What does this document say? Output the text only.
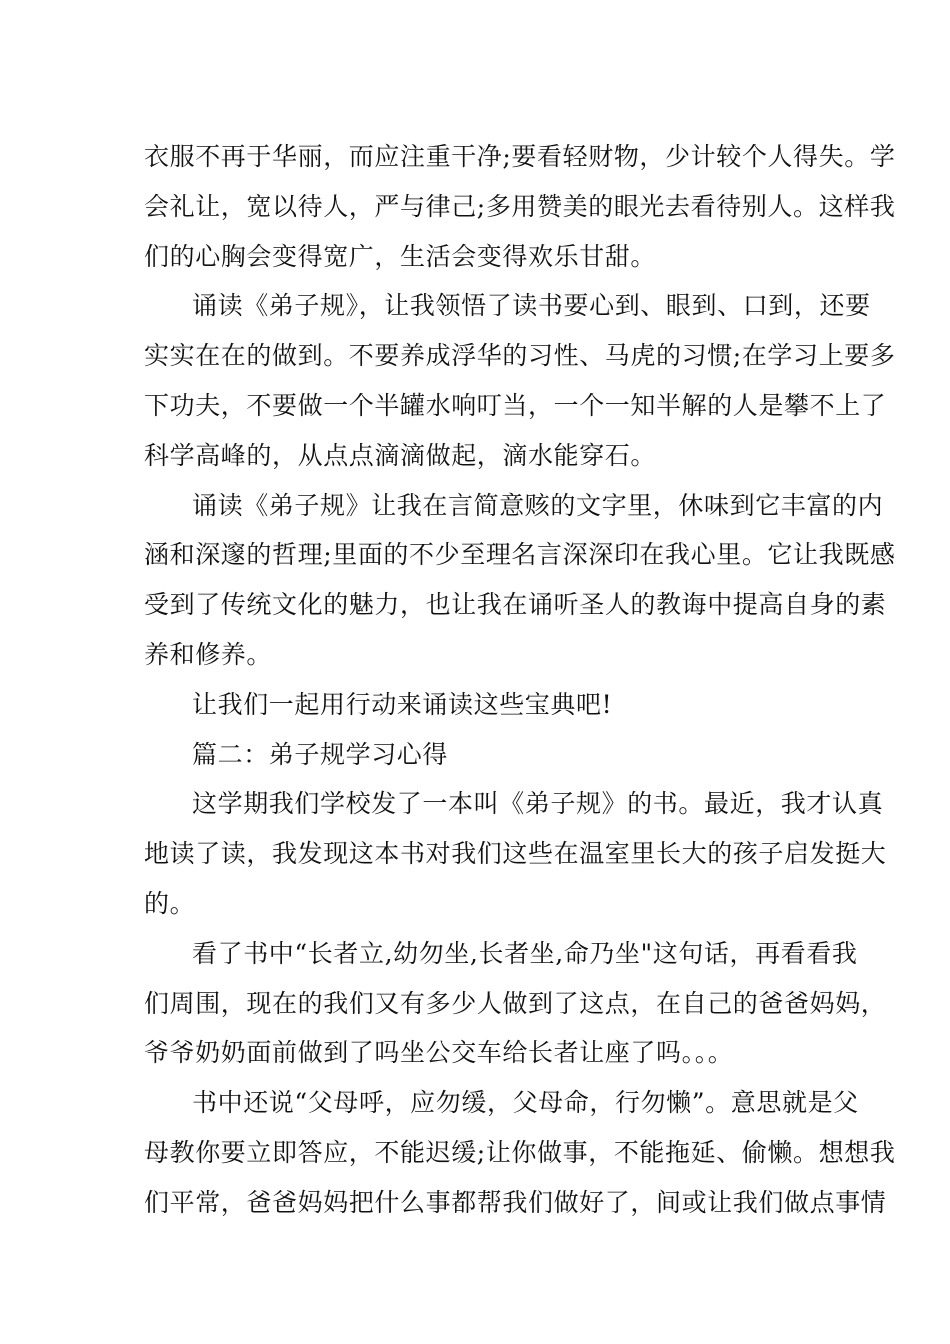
衣服不再于华丽，而应注重干净;要看轻财物，少计较个人得失。学
会礼让，宽以待人，严与律己;多用赞美的眼光去看待别人。这样我
们的心胸会变得宽广，生活会变得欢乐甘甜。
诵读《弟子规》，让我领悟了读书要心到、眼到、口到，还要
实实在在的做到。不要养成浮华的习性、马虎的习惯;在学习上要多
下功夫，不要做一个半罐水响叮当，一个一知半解的人是攀不上了
科学高峰的，从点点滴滴做起，滴水能穿石。
诵读《弟子规》让我在言简意赅的文字里，休味到它丰富的内
涵和深邃的哲理;里面的不少至理名言深深印在我心里。它让我既感
受到了传统文化的魅力，也让我在诵听圣人的教诲中提高自身的素
养和修养。
让我们一起用行动来诵读这些宝典吧!
篇二：弟子规学习心得
这学期我们学校发了一本叫《弟子规》的书。最近，我才认真
地读了读，我发现这本书对我们这些在温室里长大的孩子启发挺大
的。
看了书中“长者立,幼勿坐,长者坐,命乃坐"这句话，再看看我
们周围，现在的我们又有多少人做到了这点，在自己的爸爸妈妈，
爷爷奶奶面前做到了吗坐公交车给长者让座了吗。。。
书中还说“父母呼，应勿缓，父母命，行勿懒”。意思就是父
母教你要立即答应，不能迟缓;让你做事，不能拖延、偷懒。想想我
们平常，爸爸妈妈把什么事都帮我们做好了，间或让我们做点事情
